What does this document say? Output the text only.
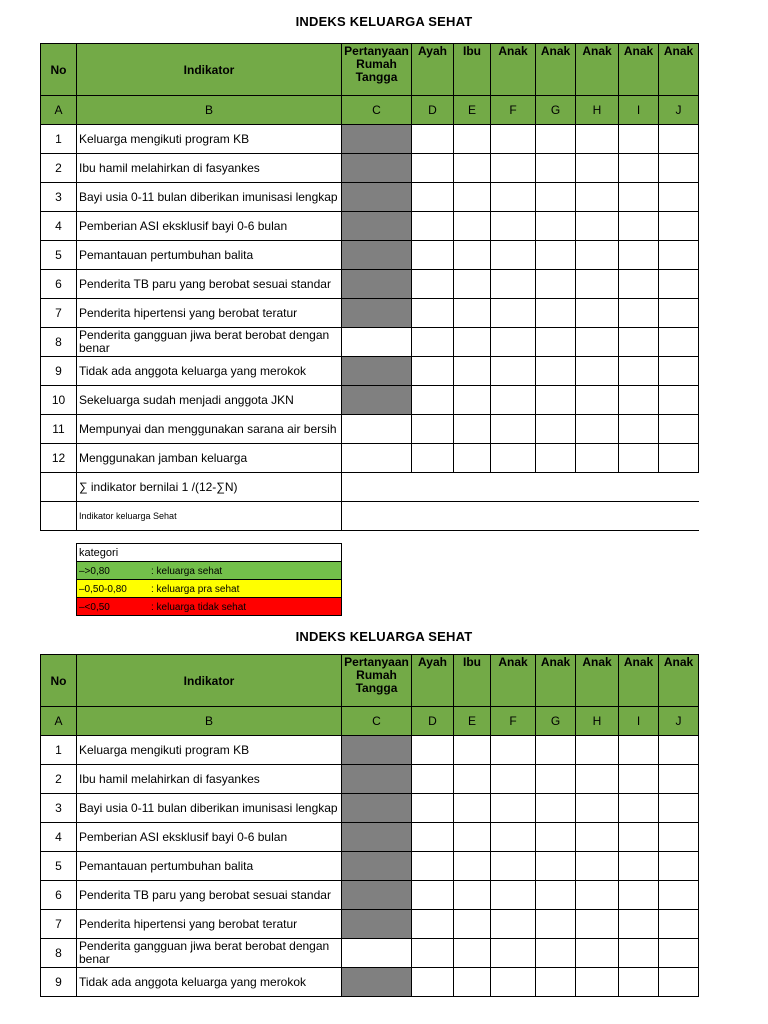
INDEKS KELUARGA SEHAT
No	Indikator	Pertanyaan Rumah Tangga	Ayah	Ibu	Anak	Anak	Anak	Anak	Anak
A	B	C	D	E	F	G	H	I	J
1	Keluarga mengikuti program KB								
2	Ibu hamil melahirkan di fasyankes								
3	Bayi usia 0-11 bulan diberikan imunisasi lengkap								
4	Pemberian ASI eksklusif bayi 0-6 bulan								
5	Pemantauan pertumbuhan balita								
6	Penderita TB paru yang berobat sesuai standar								
7	Penderita hipertensi yang berobat teratur								
8	Penderita gangguan jiwa berat berobat dengan benar								
9	Tidak ada anggota keluarga yang merokok								
10	Sekeluarga sudah menjadi anggota JKN								
11	Mempunyai dan menggunakan sarana air bersih								
12	Menggunakan jamban keluarga								
	∑ indikator bernilai 1 /(12-∑N)								
	Indikator keluarga Sehat								
kategori
–>0,80	: keluarga sehat
–0,50-0,80 : keluarga pra sehat
–<0,50	: keluarga tidak sehat
INDEKS KELUARGA SEHAT
No	Indikator	Pertanyaan Rumah Tangga	Ayah	Ibu	Anak	Anak	Anak	Anak	Anak
A	B	C	D	E	F	G	H	I	J
1	Keluarga mengikuti program KB								
2	Ibu hamil melahirkan di fasyankes								
3	Bayi usia 0-11 bulan diberikan imunisasi lengkap								
4	Pemberian ASI eksklusif bayi 0-6 bulan								
5	Pemantauan pertumbuhan balita								
6	Penderita TB paru yang berobat sesuai standar								
7	Penderita hipertensi yang berobat teratur								
8	Penderita gangguan jiwa berat berobat dengan benar								
9	Tidak ada anggota keluarga yang merokok								
